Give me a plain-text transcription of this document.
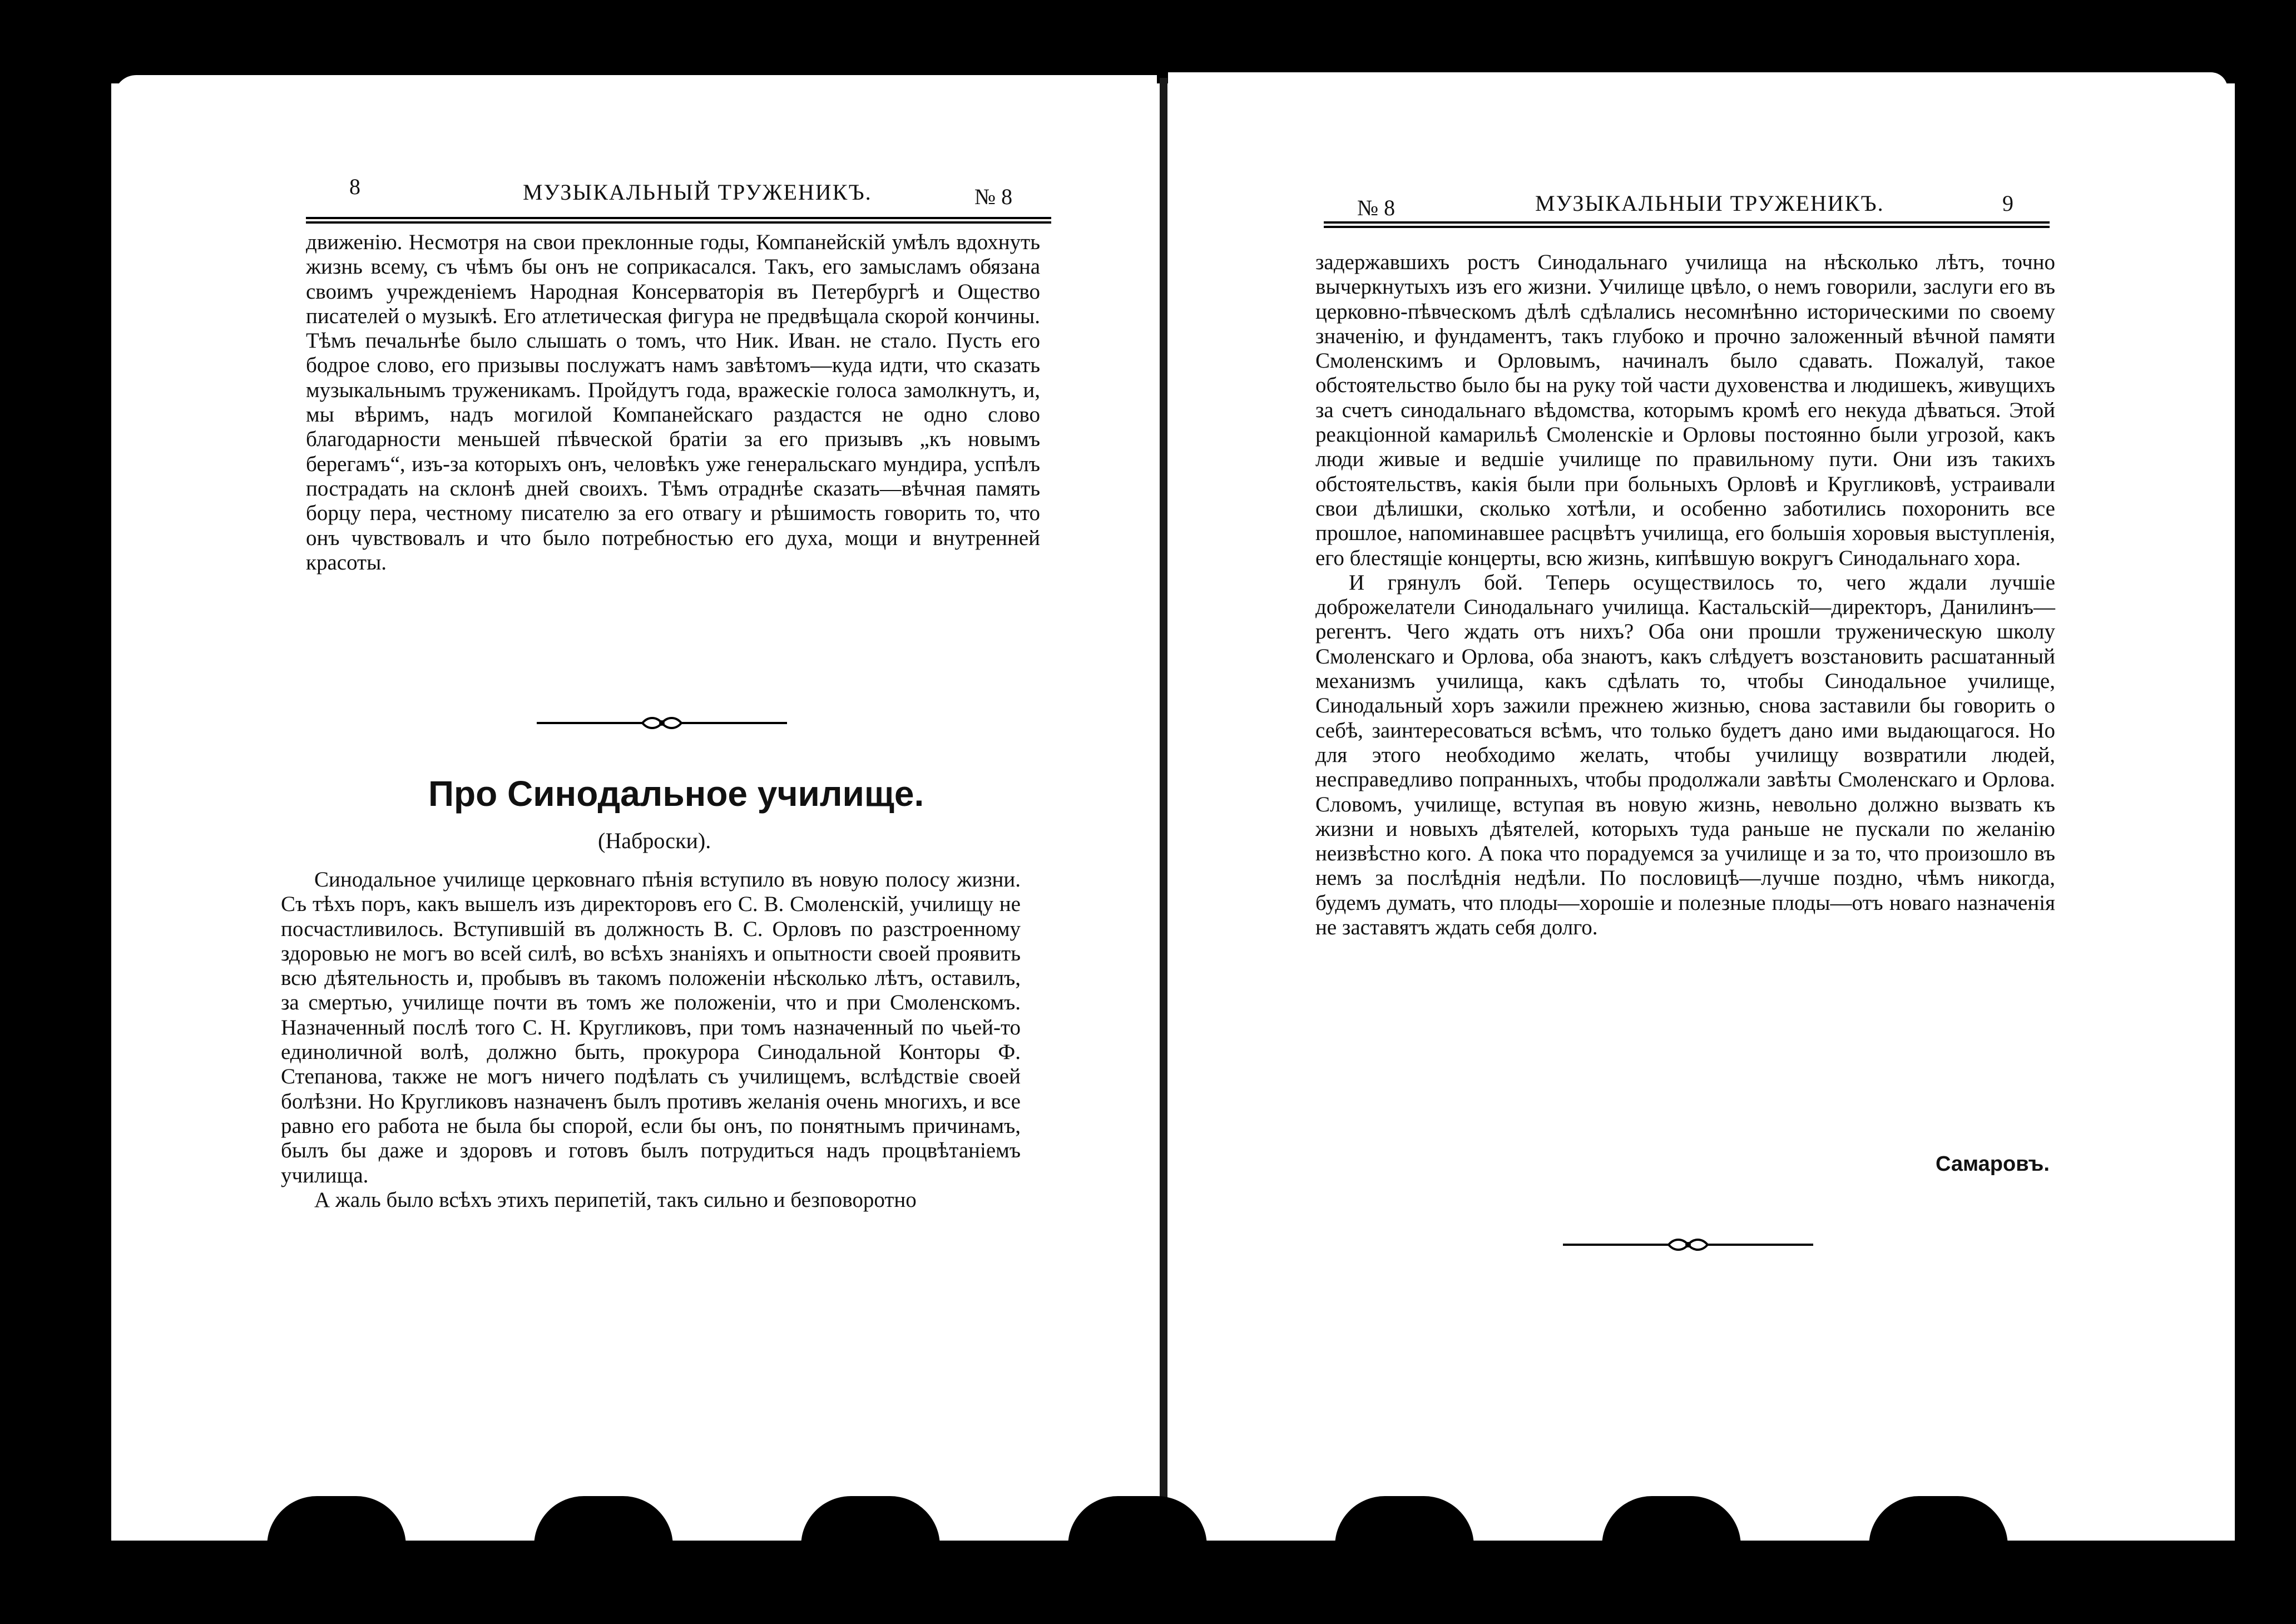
8	МУЗЫКАЛЬНЫЙ ТРУЖЕНИКЪ.	№ 8

движенію. Несмотря на свои преклонные годы, Компанейскій умѣлъ вдохнуть жизнь всему, съ чѣмъ бы онъ не соприкасался. Такъ, его замысламъ обязана своимъ учрежденіемъ Народная Консерваторія въ Петербургѣ и Ощество писателей о музыкѣ. Его атлетическая фигура не предвѣщала скорой кончины. Тѣмъ печальнѣе было слышать о томъ, что Ник. Иван. не стало. Пусть его бодрое слово, его призывы послужатъ намъ завѣтомъ—куда идти, что сказать музыкальнымъ труженикамъ. Пройдутъ года, вражескіе голоса замолкнутъ, и, мы вѣримъ, надъ могилой Компанейскаго раздастся не одно слово благодарности меньшей пѣвческой братіи за его призывъ „къ новымъ берегамъ“, изъ-за которыхъ онъ, человѣкъ уже генеральскаго мундира, успѣлъ пострадать на склонѣ дней своихъ. Тѣмъ отраднѣе сказать—вѣчная память борцу пера, честному писателю за его отвагу и рѣшимость говорить то, что онъ чувствовалъ и что было потребностью его духа, мощи и внутренней красоты.

Про Синодальное училище.
(Наброски).

Синодальное училище церковнаго пѣнія вступило въ новую полосу жизни. Съ тѣхъ поръ, какъ вышелъ изъ директоровъ его С. В. Смоленскій, училищу не посчастливилось. Вступившій въ должность В. С. Орловъ по разстроенному здоровью не могъ во всей силѣ, во всѣхъ знаніяхъ и опытности своей проявить всю дѣятельность и, пробывъ въ такомъ положеніи нѣсколько лѣтъ, оставилъ, за смертью, училище почти въ томъ же положеніи, что и при Смоленскомъ. Назначенный послѣ того С. Н. Кругликовъ, при томъ назначенный по чьей-то единоличной волѣ, должно быть, прокурора Синодальной Конторы Ф. Степанова, также не могъ ничего подѣлать съ училищемъ, вслѣдствіе своей болѣзни. Но Кругликовъ назначенъ былъ противъ желанія очень многихъ, и все равно его работа не была бы спорой, если бы онъ, по понятнымъ причинамъ, былъ бы даже и здоровъ и готовъ былъ потрудиться надъ процвѣтаніемъ училища.

А жаль было всѣхъ этихъ перипетій, такъ сильно и безповоротно

№ 8	МУЗЫКАЛЬНЫИ ТРУЖЕНИКЪ.	9

задержавшихъ ростъ Синодальнаго училища на нѣсколько лѣтъ, точно вычеркнутыхъ изъ его жизни. Училище цвѣло, о немъ говорили, заслуги его въ церковно-пѣвческомъ дѣлѣ сдѣлались несомнѣнно историческими по своему значенію, и фундаментъ, такъ глубоко и прочно заложенный вѣчной памяти Смоленскимъ и Орловымъ, начиналъ было сдавать. Пожалуй, такое обстоятельство было бы на руку той части духовенства и людишекъ, живущихъ за счетъ синодальнаго вѣдомства, которымъ кромѣ его некуда дѣваться. Этой реакціонной камарильѣ Смоленскіе и Орловы постоянно были угрозой, какъ люди живые и ведшіе училище по правильному пути. Они изъ такихъ обстоятельствъ, какія были при больныхъ Орловѣ и Кругликовѣ, устраивали свои дѣлишки, сколько хотѣли, и особенно заботились похоронить все прошлое, напоминавшее расцвѣтъ училища, его большія хоровыя выступленія, его блестящіе концерты, всю жизнь, кипѣвшую вокругъ Синодальнаго хора.

И грянулъ бой. Теперь осуществилось то, чего ждали лучшіе доброжелатели Синодальнаго училища. Кастальскій—директоръ, Данилинъ—регентъ. Чего ждать отъ нихъ? Оба они прошли труженическую школу Смоленскаго и Орлова, оба знаютъ, какъ слѣдуетъ возстановить расшатанный механизмъ училища, какъ сдѣлать то, чтобы Синодальное училище, Синодальный хоръ зажили прежнею жизнью, снова заставили бы говорить о себѣ, заинтересоваться всѣмъ, что только будетъ дано ими выдающагося. Но для этого необходимо желать, чтобы училищу возвратили людей, несправедливо попранныхъ, чтобы продолжали завѣты Смоленскаго и Орлова. Словомъ, училище, вступая въ новую жизнь, невольно должно вызвать къ жизни и новыхъ дѣятелей, которыхъ туда раньше не пускали по желанію неизвѣстно кого. А пока что порадуемся за училище и за то, что произошло въ немъ за послѣднія недѣли. По пословицѣ—лучше поздно, чѣмъ никогда, будемъ думать, что плоды—хорошіе и полезные плоды—отъ новаго назначенія не заставятъ ждать себя долго.

Самаровъ.
